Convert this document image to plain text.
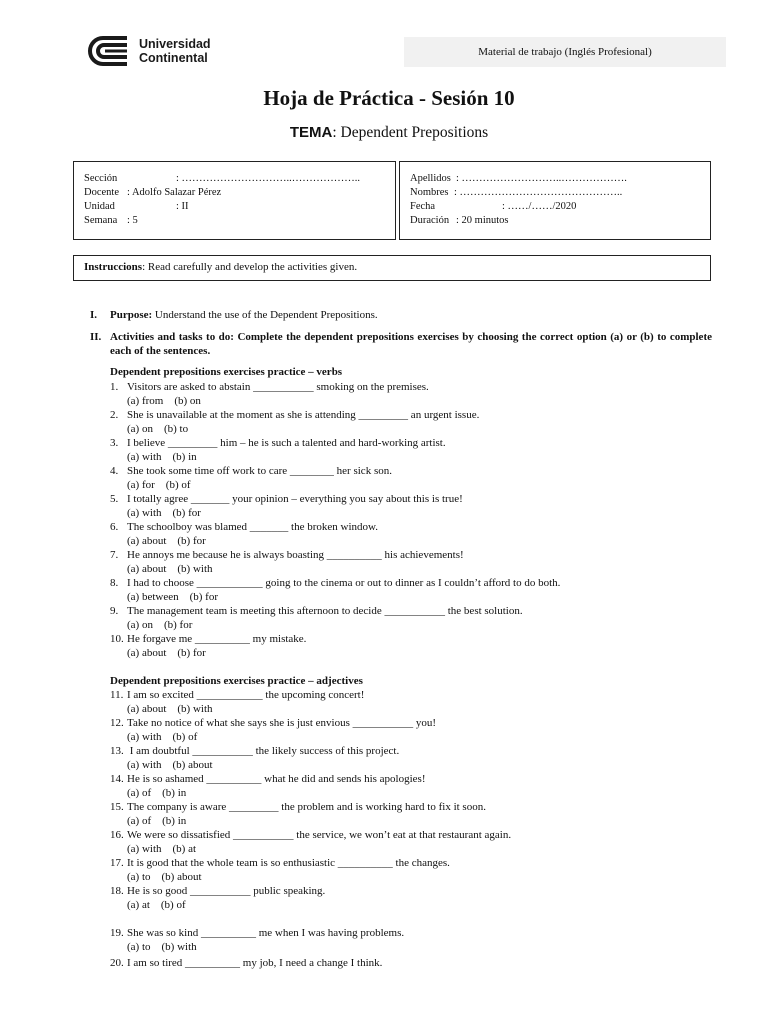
Universidad
Continental	Material de trabajo (Inglés Profesional)
Hoja de Práctica - Sesión 10
TEMA: Dependent Prepositions
Sección	: …………………………..………………..
Docente : Adolfo Salazar Pérez
Unidad	: II
Semana : 5
Apellidos : ………………………..……………….
Nombres : ………………………………………..
Fecha	: ……/……/2020
Duración : 20 minutos
Instruccions: Read carefully and develop the activities given.
I. Purpose: Understand the use of the Dependent Prepositions.
II. Activities and tasks to do: Complete the dependent prepositions exercises by choosing the correct option (a) or (b) to complete each of the sentences.
Dependent prepositions exercises practice – verbs
1. Visitors are asked to abstain ___________ smoking on the premises.
(a) from    (b) on
2. She is unavailable at the moment as she is attending _________ an urgent issue.
(a) on    (b) to
3. I believe _________ him – he is such a talented and hard-working artist.
(a) with    (b) in
4. She took some time off work to care ________ her sick son.
(a) for    (b) of
5. I totally agree _______ your opinion – everything you say about this is true!
(a) with    (b) for
6. The schoolboy was blamed _______ the broken window.
(a) about    (b) for
7. He annoys me because he is always boasting __________ his achievements!
(a) about    (b) with
8. I had to choose ____________ going to the cinema or out to dinner as I couldn’t afford to do both.
(a) between    (b) for
9. The management team is meeting this afternoon to decide ___________ the best solution.
(a) on    (b) for
10. He forgave me __________ my mistake.
(a) about    (b) for
Dependent prepositions exercises practice – adjectives
11. I am so excited ____________ the upcoming concert!
(a) about    (b) with
12. Take no notice of what she says she is just envious ___________ you!
(a) with    (b) of
13. I am doubtful ___________ the likely success of this project.
(a) with    (b) about
14. He is so ashamed __________ what he did and sends his apologies!
(a) of    (b) in
15. The company is aware _________ the problem and is working hard to fix it soon.
(a) of    (b) in
16. We were so dissatisfied ___________ the service, we won’t eat at that restaurant again.
(a) with    (b) at
17. It is good that the whole team is so enthusiastic __________ the changes.
(a) to    (b) about
18. He is so good ___________ public speaking.
(a) at    (b) of
19. She was so kind __________ me when I was having problems.
(a) to    (b) with
20. I am so tired __________ my job, I need a change I think.
